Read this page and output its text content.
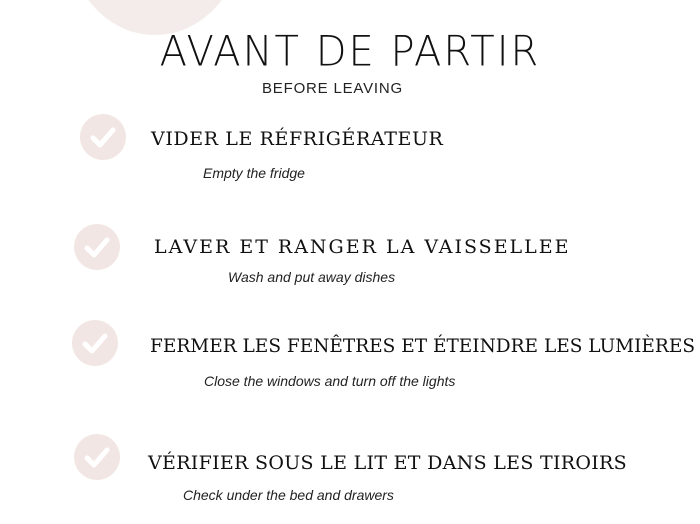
AVANT DE PARTIR
BEFORE LEAVING
VIDER LE RÉFRIGÉRATEUR
Empty the fridge
LAVER ET RANGER LA VAISSELLEE
Wash and put away dishes
FERMER LES FENÊTRES ET ÉTEINDRE LES LUMIÈRES
Close the windows and turn off the lights
VÉRIFIER SOUS LE LIT ET DANS LES TIROIRS
Check under the bed and drawers
